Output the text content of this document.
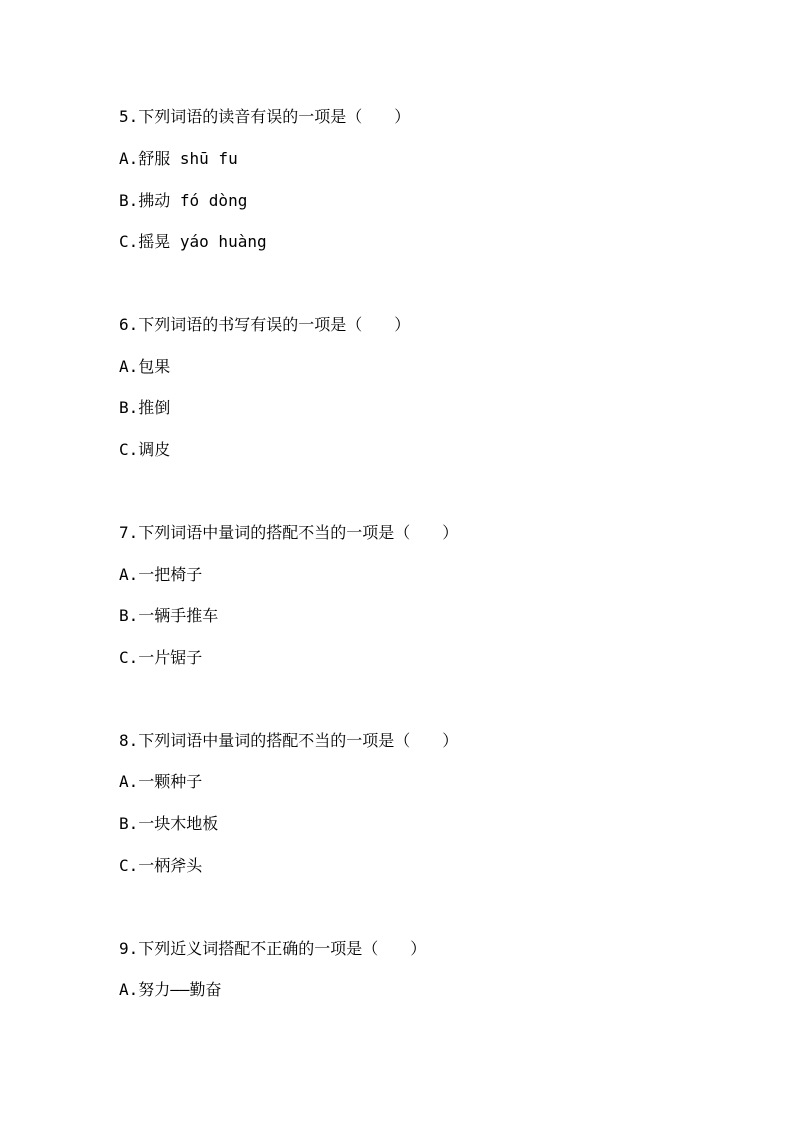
5.下列词语的读音有误的一项是（　　）
A.舒服 shū fu
B.拂动 fó dòng
C.摇晃 yáo huàng
6.下列词语的书写有误的一项是（　　）
A.包果
B.推倒
C.调皮
7.下列词语中量词的搭配不当的一项是（　　）
A.一把椅子
B.一辆手推车
C.一片锯子
8.下列词语中量词的搭配不当的一项是（　　）
A.一颗种子
B.一块木地板
C.一柄斧头
9.下列近义词搭配不正确的一项是（　　）
A.努力——勤奋
